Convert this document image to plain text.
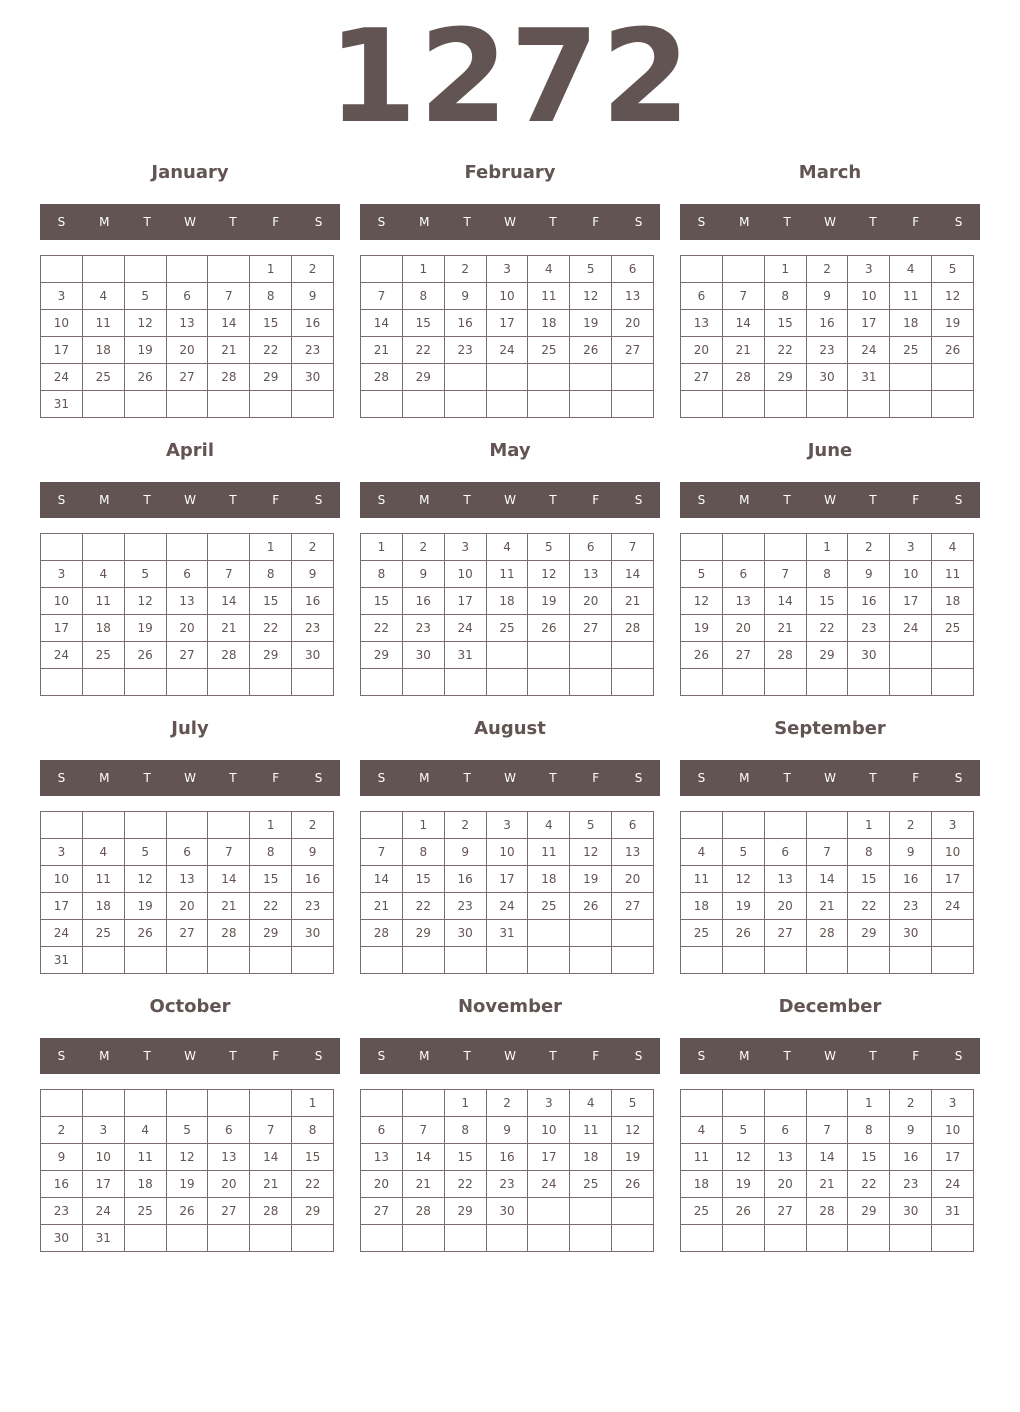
1272
January
S	M	T	W	T	F	S
					1	2
3	4	5	6	7	8	9
10	11	12	13	14	15	16
17	18	19	20	21	22	23
24	25	26	27	28	29	30
31						
February
S	M	T	W	T	F	S
	1	2	3	4	5	6
7	8	9	10	11	12	13
14	15	16	17	18	19	20
21	22	23	24	25	26	27
28	29					

March
S	M	T	W	T	F	S
		1	2	3	4	5
6	7	8	9	10	11	12
13	14	15	16	17	18	19
20	21	22	23	24	25	26
27	28	29	30	31		

April
S	M	T	W	T	F	S
					1	2
3	4	5	6	7	8	9
10	11	12	13	14	15	16
17	18	19	20	21	22	23
24	25	26	27	28	29	30

May
S	M	T	W	T	F	S
1	2	3	4	5	6	7
8	9	10	11	12	13	14
15	16	17	18	19	20	21
22	23	24	25	26	27	28
29	30	31				

June
S	M	T	W	T	F	S
			1	2	3	4
5	6	7	8	9	10	11
12	13	14	15	16	17	18
19	20	21	22	23	24	25
26	27	28	29	30		

July
S	M	T	W	T	F	S
					1	2
3	4	5	6	7	8	9
10	11	12	13	14	15	16
17	18	19	20	21	22	23
24	25	26	27	28	29	30
31						
August
S	M	T	W	T	F	S
	1	2	3	4	5	6
7	8	9	10	11	12	13
14	15	16	17	18	19	20
21	22	23	24	25	26	27
28	29	30	31			

September
S	M	T	W	T	F	S
				1	2	3
4	5	6	7	8	9	10
11	12	13	14	15	16	17
18	19	20	21	22	23	24
25	26	27	28	29	30	

October
S	M	T	W	T	F	S
						1
2	3	4	5	6	7	8
9	10	11	12	13	14	15
16	17	18	19	20	21	22
23	24	25	26	27	28	29
30	31					
November
S	M	T	W	T	F	S
		1	2	3	4	5
6	7	8	9	10	11	12
13	14	15	16	17	18	19
20	21	22	23	24	25	26
27	28	29	30			

December
S	M	T	W	T	F	S
				1	2	3
4	5	6	7	8	9	10
11	12	13	14	15	16	17
18	19	20	21	22	23	24
25	26	27	28	29	30	31
